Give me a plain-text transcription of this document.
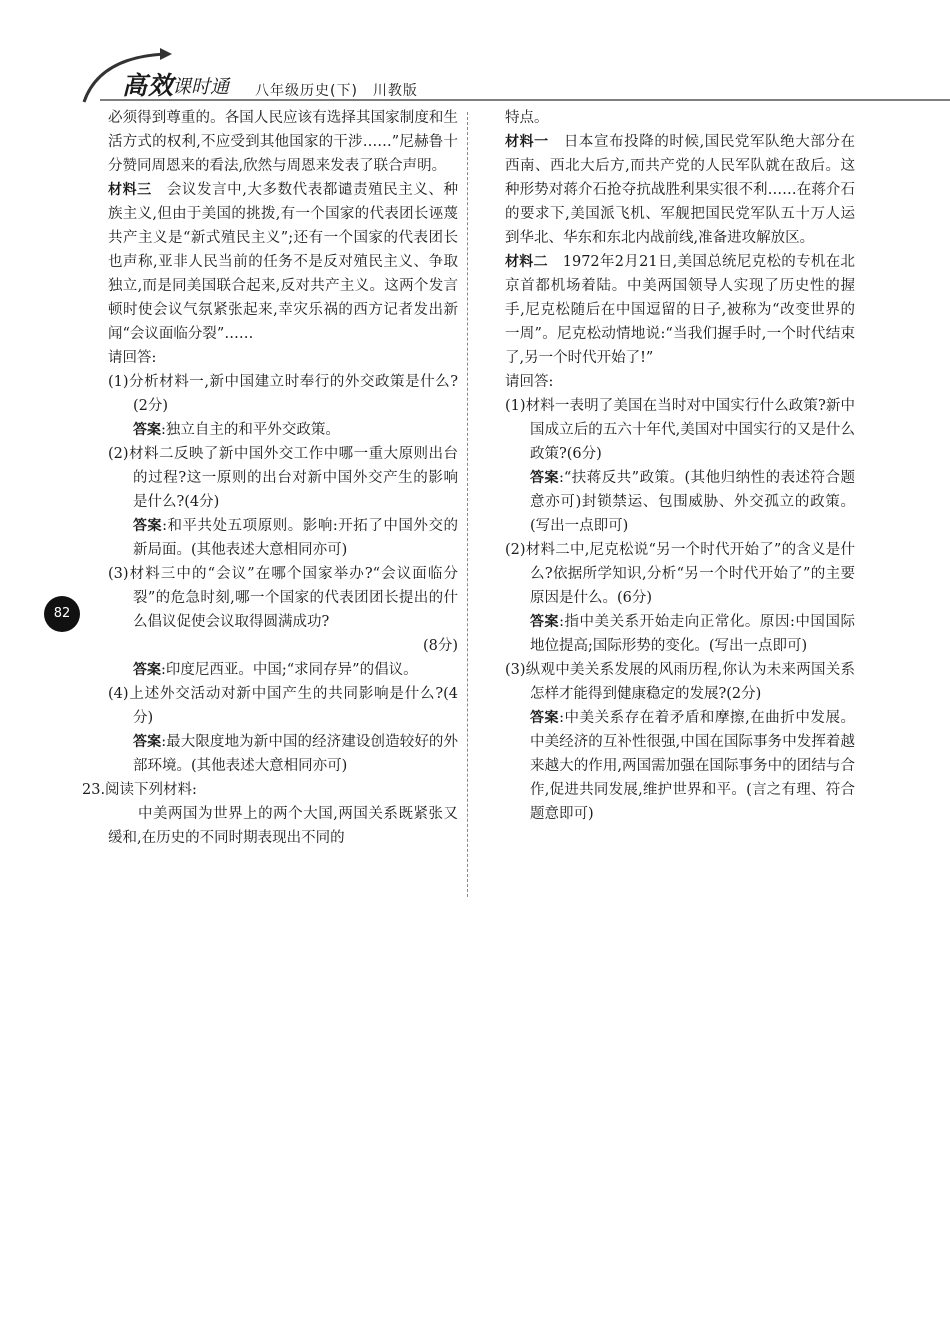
高效
课时通 八年级历史(下)　川教版
82

必须得到尊重的。各国人民应该有选择其国家制度和生活方式的权利,不应受到其他国家的干涉……”尼赫鲁十分赞同周恩来的看法,欣然与周恩来发表了联合声明。

材料三　会议发言中,大多数代表都谴责殖民主义、种族主义,但由于美国的挑拨,有一个国家的代表团长诬蔑共产主义是“新式殖民主义”;还有一个国家的代表团长也声称,亚非人民当前的任务不是反对殖民主义、争取独立,而是同美国联合起来,反对共产主义。这两个发言顿时使会议气氛紧张起来,幸灾乐祸的西方记者发出新闻“会议面临分裂”……

请回答:

(1)分析材料一,新中国建立时奉行的外交政策是什么?(2分)

答案:独立自主的和平外交政策。

(2)材料二反映了新中国外交工作中哪一重大原则出台的过程?这一原则的出台对新中国外交产生的影响是什么?(4分)

答案:和平共处五项原则。影响:开拓了中国外交的新局面。(其他表述大意相同亦可)

(3)材料三中的“会议”在哪个国家举办?“会议面临分裂”的危急时刻,哪一个国家的代表团团长提出的什么倡议促使会议取得圆满成功?

(8分)

答案:印度尼西亚。中国;“求同存异”的倡议。

(4)上述外交活动对新中国产生的共同影响是什么?(4分)

答案:最大限度地为新中国的经济建设创造较好的外部环境。(其他表述大意相同亦可)

23.阅读下列材料:

中美两国为世界上的两个大国,两国关系既紧张又缓和,在历史的不同时期表现出不同的

特点。

材料一　日本宣布投降的时候,国民党军队绝大部分在西南、西北大后方,而共产党的人民军队就在敌后。这种形势对蒋介石抢夺抗战胜利果实很不利……在蒋介石的要求下,美国派飞机、军舰把国民党军队五十万人运到华北、华东和东北内战前线,准备进攻解放区。

材料二　1972年2月21日,美国总统尼克松的专机在北京首都机场着陆。中美两国领导人实现了历史性的握手,尼克松随后在中国逗留的日子,被称为“改变世界的一周”。尼克松动情地说:“当我们握手时,一个时代结束了,另一个时代开始了!”

请回答:

(1)材料一表明了美国在当时对中国实行什么政策?新中国成立后的五六十年代,美国对中国实行的又是什么政策?(6分)

答案:“扶蒋反共”政策。(其他归纳性的表述符合题意亦可)封锁禁运、包围威胁、外交孤立的政策。(写出一点即可)

(2)材料二中,尼克松说“另一个时代开始了”的含义是什么?依据所学知识,分析“另一个时代开始了”的主要原因是什么。(6分)

答案:指中美关系开始走向正常化。原因:中国国际地位提高;国际形势的变化。(写出一点即可)

(3)纵观中美关系发展的风雨历程,你认为未来两国关系怎样才能得到健康稳定的发展?(2分)

答案:中美关系存在着矛盾和摩擦,在曲折中发展。中美经济的互补性很强,中国在国际事务中发挥着越来越大的作用,两国需加强在国际事务中的团结与合作,促进共同发展,维护世界和平。(言之有理、符合题意即可)
